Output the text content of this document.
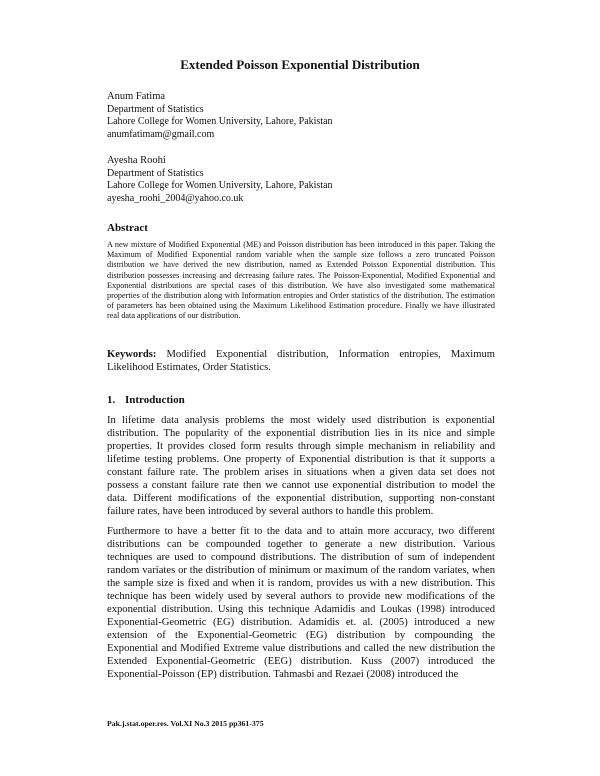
Extended Poisson Exponential Distribution
Anum Fatima
Department of Statistics
Lahore College for Women University, Lahore, Pakistan
anumfatimam@gmail.com
Ayesha Roohi
Department of Statistics
Lahore College for Women University, Lahore, Pakistan
ayesha_roohi_2004@yahoo.co.uk
Abstract
A new mixture of Modified Exponential (ME) and Poisson distribution has been introduced in this paper. Taking the Maximum of Modified Exponential random variable when the sample size follows a zero truncated Poisson distribution we have derived the new distribution, named as Extended Poisson Exponential distribution. This distribution possesses increasing and decreasing failure rates. The Poisson-Exponential, Modified Exponential and Exponential distributions are special cases of this distribution. We have also investigated some mathematical properties of the distribution along with Information entropies and Order statistics of the distribution. The estimation of parameters has been obtained using the Maximum Likelihood Estimation procedure. Finally we have illustrated real data applications of our distribution.
Keywords: Modified Exponential distribution, Information entropies, Maximum Likelihood Estimates, Order Statistics.
1. Introduction
In lifetime data analysis problems the most widely used distribution is exponential distribution. The popularity of the exponential distribution lies in its nice and simple properties. It provides closed form results through simple mechanism in reliability and lifetime testing problems. One property of Exponential distribution is that it supports a constant failure rate. The problem arises in situations when a given data set does not possess a constant failure rate then we cannot use exponential distribution to model the data. Different modifications of the exponential distribution, supporting non-constant failure rates, have been introduced by several authors to handle this problem.
Furthermore to have a better fit to the data and to attain more accuracy, two different distributions can be compounded together to generate a new distribution. Various techniques are used to compound distributions. The distribution of sum of independent random variates or the distribution of minimum or maximum of the random variates, when the sample size is fixed and when it is random, provides us with a new distribution. This technique has been widely used by several authors to provide new modifications of the exponential distribution. Using this technique Adamidis and Loukas (1998) introduced Exponential-Geometric (EG) distribution. Adamidis et. al. (2005) introduced a new extension of the Exponential-Geometric (EG) distribution by compounding the Exponential and Modified Extreme value distributions and called the new distribution the Extended Exponential-Geometric (EEG) distribution. Kuss (2007) introduced the Exponential-Poisson (EP) distribution. Tahmasbi and Rezaei (2008) introduced the
Pak.j.stat.oper.res. Vol.XI No.3 2015 pp361-375
